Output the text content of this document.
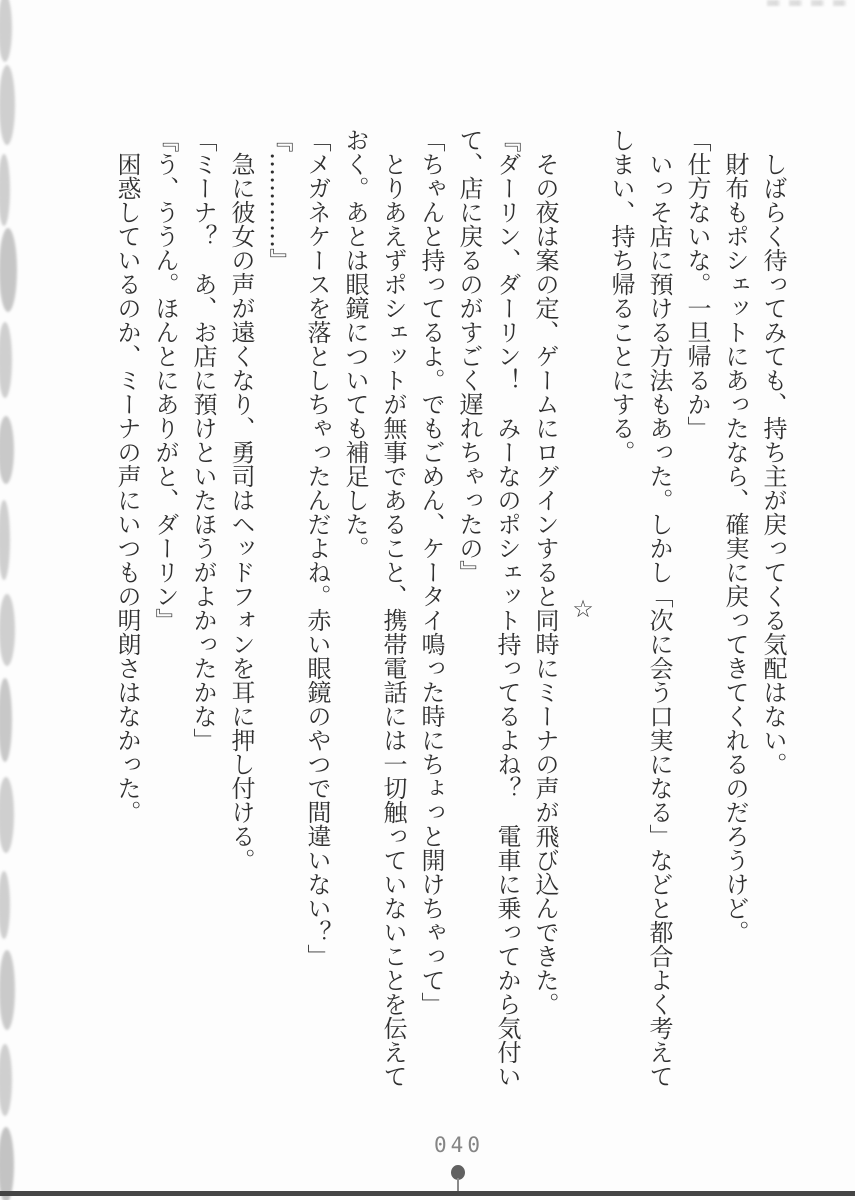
しばらく待ってみても、持ち主が戻ってくる気配はない。

財布もポシェットにあったなら、確実に戻ってきてくれるのだろうけど。

「仕方ないな。一旦帰るか」

いっそ店に預ける方法もあった。しかし「次に会う口実になる」などと都合よく考えてしまい、持ち帰ることにする。

☆

その夜は案の定、ゲームにログインすると同時にミーナの声が飛び込んできた。

『ダーリン、ダーリン！　みーなのポシェット持ってるよね？　電車に乗ってから気付いて、店に戻るのがすごく遅れちゃったの』

「ちゃんと持ってるよ。でもごめん、ケータイ鳴った時にちょっと開けちゃって」

とりあえずポシェットが無事であること、携帯電話には一切触っていないことを伝えておく。あとは眼鏡についても補足した。

「メガネケースを落としちゃったんだよね。赤い眼鏡のやつで間違いない？」

『…………』

急に彼女の声が遠くなり、勇司はヘッドフォンを耳に押し付ける。

「ミーナ？　あ、お店に預けといたほうがよかったかな」

『う、ううん。ほんとにありがと、ダーリン』

困惑しているのか、ミーナの声にいつもの明朗さはなかった。

040
